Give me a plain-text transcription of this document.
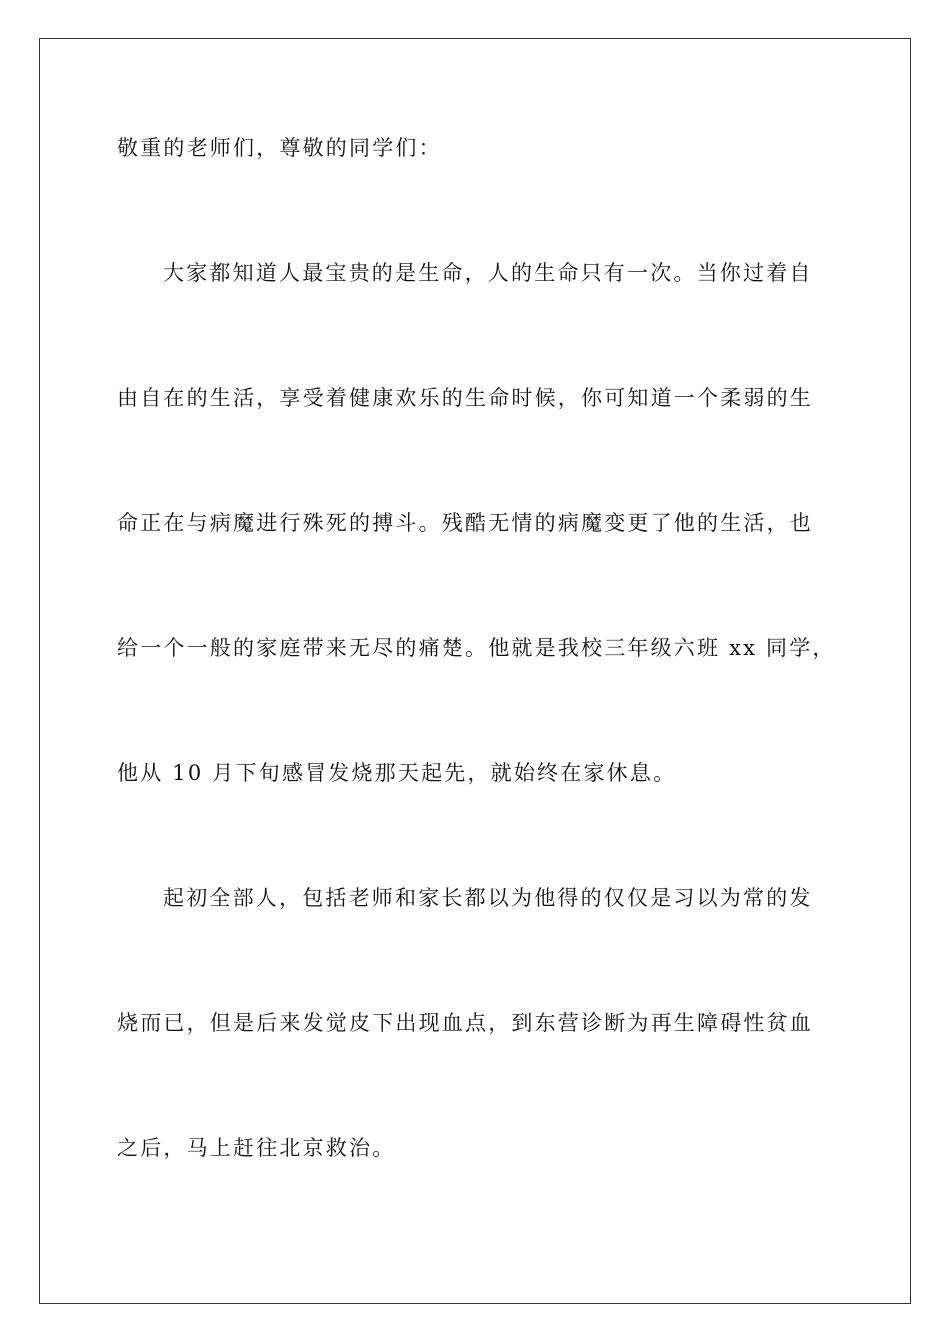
敬重的老师们，尊敬的同学们：
大家都知道人最宝贵的是生命，人的生命只有一次。当你过着自
由自在的生活，享受着健康欢乐的生命时候，你可知道一个柔弱的生
命正在与病魔进行殊死的搏斗。残酷无情的病魔变更了他的生活，也
给一个一般的家庭带来无尽的痛楚。他就是我校三年级六班 xx 同学，
他从 10 月下旬感冒发烧那天起先，就始终在家休息。
起初全部人，包括老师和家长都以为他得的仅仅是习以为常的发
烧而已，但是后来发觉皮下出现血点，到东营诊断为再生障碍性贫血
之后，马上赶往北京救治。
